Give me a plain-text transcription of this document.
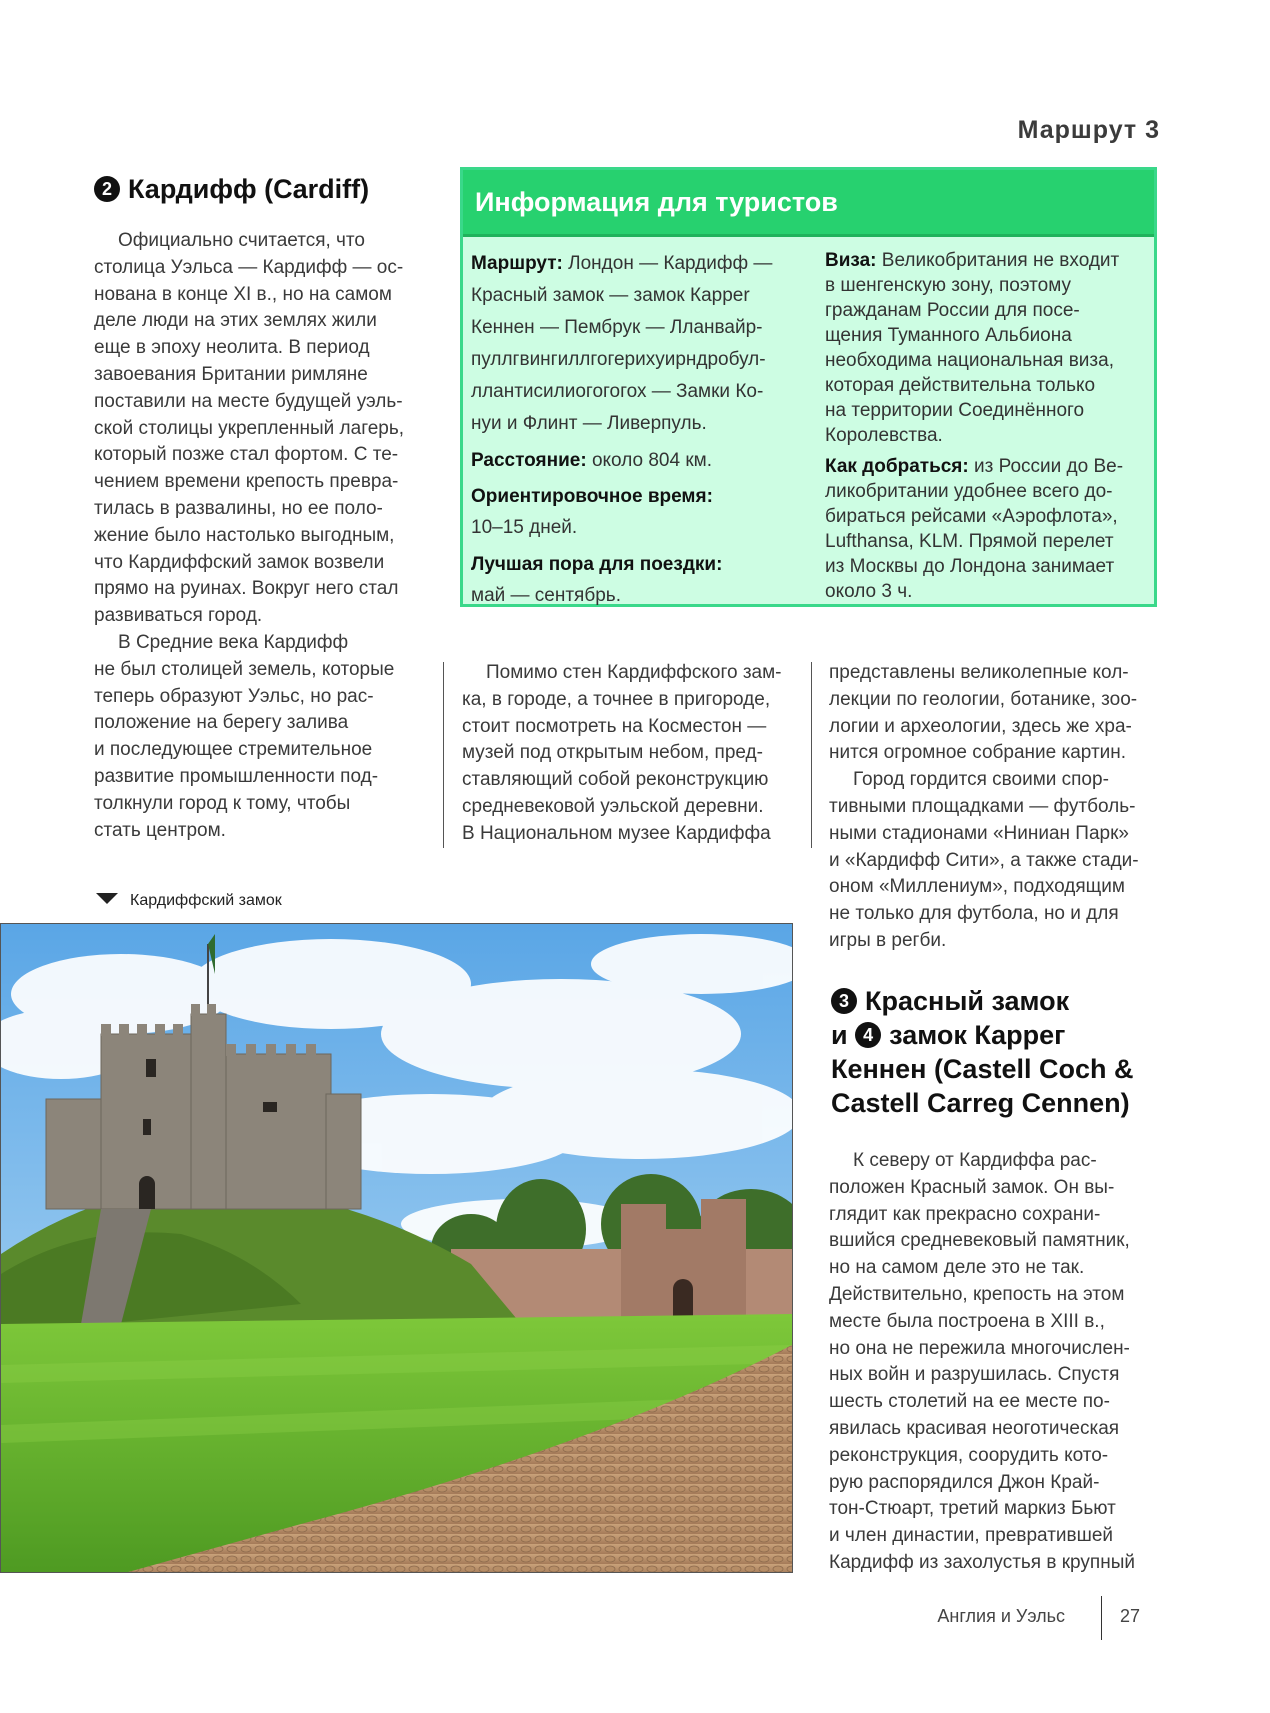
Маршрут 3
2 Кардифф (Cardiff)

Официально считается, что

столица Уэльса — Кардифф — ос-

нована в конце XI в., но на самом

деле люди на этих землях жили

еще в эпоху неолита. В период

завоевания Британии римляне

поставили на месте будущей уэль-

ской столицы укрепленный лагерь,

который позже стал фортом. С те-

чением времени крепость превра-

тилась в развалины, но ее поло-

жение было настолько выгодным,

что Кардиффский замок возвели

прямо на руинах. Вокруг него стал

развиваться город.

В Средние века Кардифф

не был столицей земель, которые

теперь образуют Уэльс, но рас-

положение на берегу залива

и последующее стремительное

развитие промышленности под-

толкнули город к тому, чтобы

стать центром.

Информация для туристов

Маршрут: Лондон — Кардифф —

Красный замок — замок Карреr

Кеннен — Пембрук — Лланвайр-

пуллгвингиллгогерихуирндробул-

ллантисилиогогогох — Замки Ко-

нуи и Флинт — Ливерпуль.

Расстояние: около 804 км.

Ориентировочное время:

10–15 дней.

Лучшая пора для поездки:

май — сентябрь.

Виза: Великобритания не входит

в шенгенскую зону, поэтому

гражданам России для посе-

щения Туманного Альбиона

необходима национальная виза,

которая действительна только

на территории Соединённого

Королевства.

Как добраться: из России до Ве-

ликобритании удобнее всего до-

бираться рейсами «Аэрофлота»,

Lufthansa, KLM. Прямой перелет

из Москвы до Лондона занимает

около 3 ч.

Помимо стен Кардиффского зам-

ка, в городе, а точнее в пригороде,

стоит посмотреть на Косместон —

музей под открытым небом, пред-

ставляющий собой реконструкцию

средневековой уэльской деревни.

В Национальном музее Кардиффа

представлены великолепные кол-

лекции по геологии, ботанике, зоо-

логии и археологии, здесь же хра-

нится огромное собрание картин.

Город гордится своими спор-

тивными площадками — футболь-

ными стадионами «Ниниан Парк»

и «Кардифф Сити», а также стади-

оном «Миллениум», подходящим

не только для футбола, но и для

игры в регби.

Кардиффский замок
3 Красный замок
и 4 замок Каррег
Кеннен (Castell Coch &
Castell Carreg Cennen)

К северу от Кардиффа рас-

положен Красный замок. Он вы-

глядит как прекрасно сохрани-

вшийся средневековый памятник,

но на самом деле это не так.

Действительно, крепость на этом

месте была построена в XIII в.,

но она не пережила многочислен-

ных войн и разрушилась. Спустя

шесть столетий на ее месте по-

явилась красивая неоготическая

реконструкция, соорудить кото-

рую распорядился Джон Край-

тон-Стюарт, третий маркиз Бьют

и член династии, превратившей

Кардифф из захолустья в крупный

Англия и Уэльс	27
